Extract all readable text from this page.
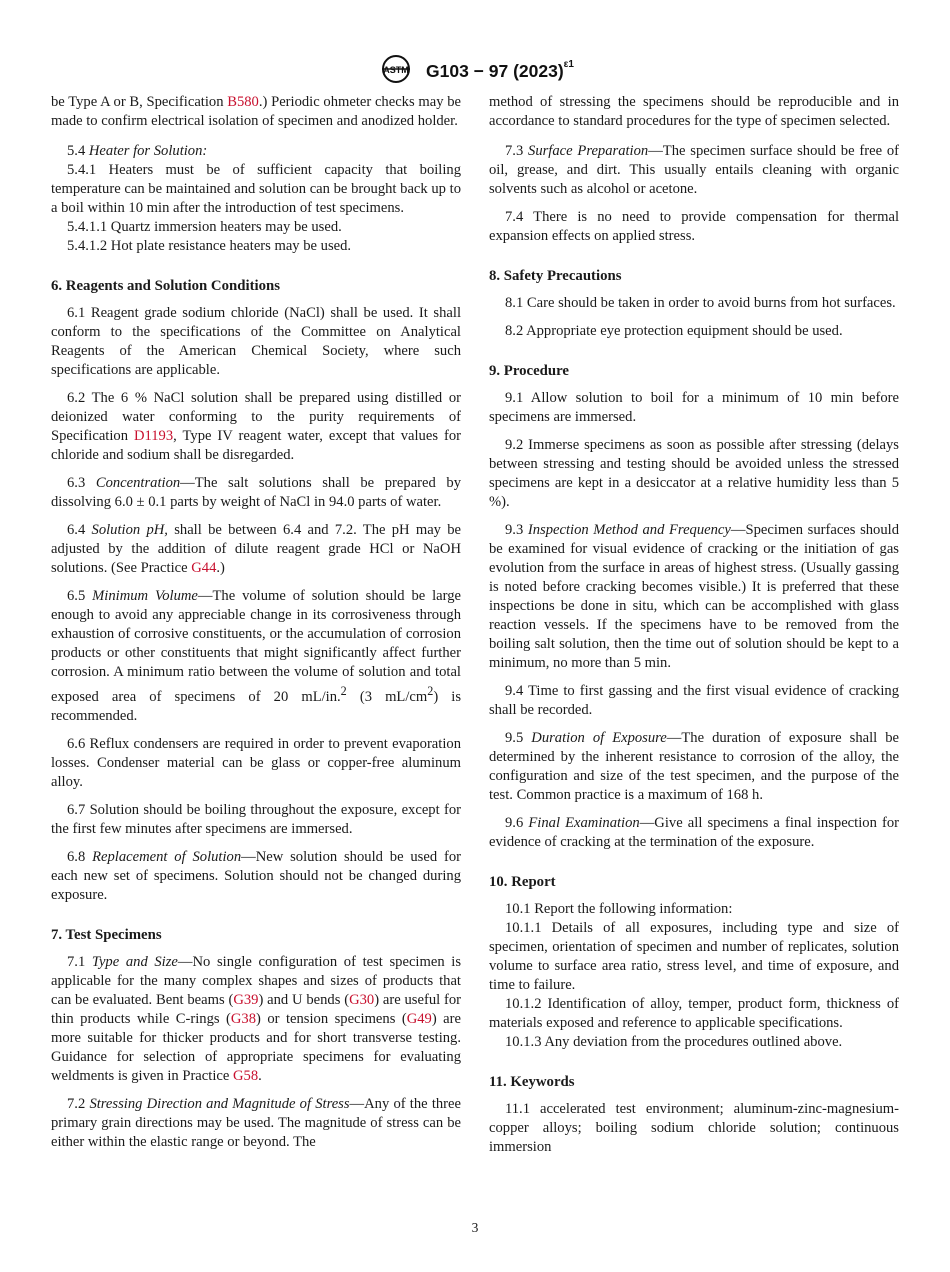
ASTM G103 − 97 $(2023)^{\varepsilon 1}$

be Type A or B, Specification B580.) Periodic ohmeter checks may be made to confirm electrical isolation of specimen and anodized holder.

5.4 Heater for Solution:

5.4.1 Heaters must be of sufficient capacity that boiling temperature can be maintained and solution can be brought back up to a boil within 10 min after the introduction of test specimens.

5.4.1.1 Quartz immersion heaters may be used.

5.4.1.2 Hot plate resistance heaters may be used.

6. Reagents and Solution Conditions

6.1 Reagent grade sodium chloride (NaCl) shall be used. It shall conform to the specifications of the Committee on Analytical Reagents of the American Chemical Society, where such specifications are applicable.

6.2 The 6 % NaCl solution shall be prepared using distilled or deionized water conforming to the purity requirements of Specification D1193, Type IV reagent water, except that values for chloride and sodium shall be disregarded.

6.3 Concentration—The salt solutions shall be prepared by dissolving 6.0 ± 0.1 parts by weight of NaCl in 94.0 parts of water.

6.4 Solution pH, shall be between 6.4 and 7.2. The pH may be adjusted by the addition of dilute reagent grade HCl or NaOH solutions. (See Practice G44.)

6.5 Minimum Volume—The volume of solution should be large enough to avoid any appreciable change in its corrosiveness through exhaustion of corrosive constituents, or the accumulation of corrosion products or other constituents that might significantly affect further corrosion. A minimum ratio between the volume of solution and total exposed area of specimens of 20 mL/in.$^2$ (3 $mL/cm^2$) is recommended.

6.6 Reflux condensers are required in order to prevent evaporation losses. Condenser material can be glass or copper-free aluminum alloy.

6.7 Solution should be boiling throughout the exposure, except for the first few minutes after specimens are immersed.

6.8 Replacement of Solution—New solution should be used for each new set of specimens. Solution should not be changed during exposure.

7. Test Specimens

7.1 Type and Size—No single configuration of test specimen is applicable for the many complex shapes and sizes of products that can be evaluated. Bent beams (G39) and U bends (G30) are useful for thin products while C-rings (G38) or tension specimens (G49) are more suitable for thicker products and for short transverse testing. Guidance for selection of appropriate specimens for evaluating weldments is given in Practice G58.

7.2 Stressing Direction and Magnitude of Stress—Any of the three primary grain directions may be used. The magnitude of stress can be either within the elastic range or beyond. The

method of stressing the specimens should be reproducible and in accordance to standard procedures for the type of specimen selected.

7.3 Surface Preparation—The specimen surface should be free of oil, grease, and dirt. This usually entails cleaning with organic solvents such as alcohol or acetone.

7.4 There is no need to provide compensation for thermal expansion effects on applied stress.

8. Safety Precautions

8.1 Care should be taken in order to avoid burns from hot surfaces.

8.2 Appropriate eye protection equipment should be used.

9. Procedure

9.1 Allow solution to boil for a minimum of 10 min before specimens are immersed.

9.2 Immerse specimens as soon as possible after stressing (delays between stressing and testing should be avoided unless the stressed specimens are kept in a desiccator at a relative humidity less than 5 %).

9.3 Inspection Method and Frequency—Specimen surfaces should be examined for visual evidence of cracking or the initiation of gas evolution from the surface in areas of highest stress. (Usually gassing is noted before cracking becomes visible.) It is preferred that these inspections be done in situ, which can be accomplished with glass reaction vessels. If the specimens have to be removed from the boiling salt solution, then the time out of solution should be kept to a minimum, no more than 5 min.

9.4 Time to first gassing and the first visual evidence of cracking shall be recorded.

9.5 Duration of Exposure—The duration of exposure shall be determined by the inherent resistance to corrosion of the alloy, the configuration and size of the test specimen, and the purpose of the test. Common practice is a maximum of 168 h.

9.6 Final Examination—Give all specimens a final inspection for evidence of cracking at the termination of the exposure.

10. Report

10.1 Report the following information:

10.1.1 Details of all exposures, including type and size of specimen, orientation of specimen and number of replicates, solution volume to surface area ratio, stress level, and time of exposure, and time to failure.

10.1.2 Identification of alloy, temper, product form, thickness of materials exposed and reference to applicable specifications.

10.1.3 Any deviation from the procedures outlined above.

11. Keywords

11.1 accelerated test environment; aluminum-zinc-magnesium-copper alloys; boiling sodium chloride solution; continuous immersion

3
